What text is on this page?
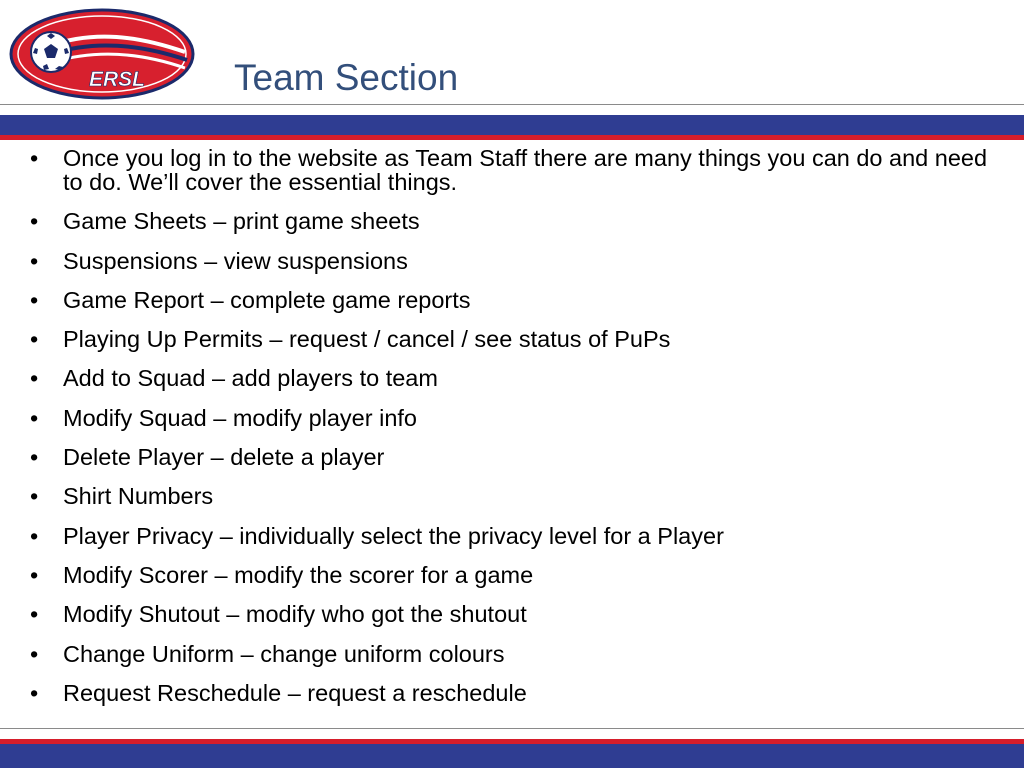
ERSL Team Section
• Once you log in to the website as Team Staff there are many things you can do and need to do. We’ll cover the essential things.
• Game Sheets – print game sheets
• Suspensions – view suspensions
• Game Report – complete game reports
• Playing Up Permits – request / cancel / see status of PuPs
• Add to Squad – add players to team
• Modify Squad – modify player info
• Delete Player – delete a player
• Shirt Numbers
• Player Privacy – individually select the privacy level for a Player
• Modify Scorer – modify the scorer for a game
• Modify Shutout – modify who got the shutout
• Change Uniform – change uniform colours
• Request Reschedule – request a reschedule
